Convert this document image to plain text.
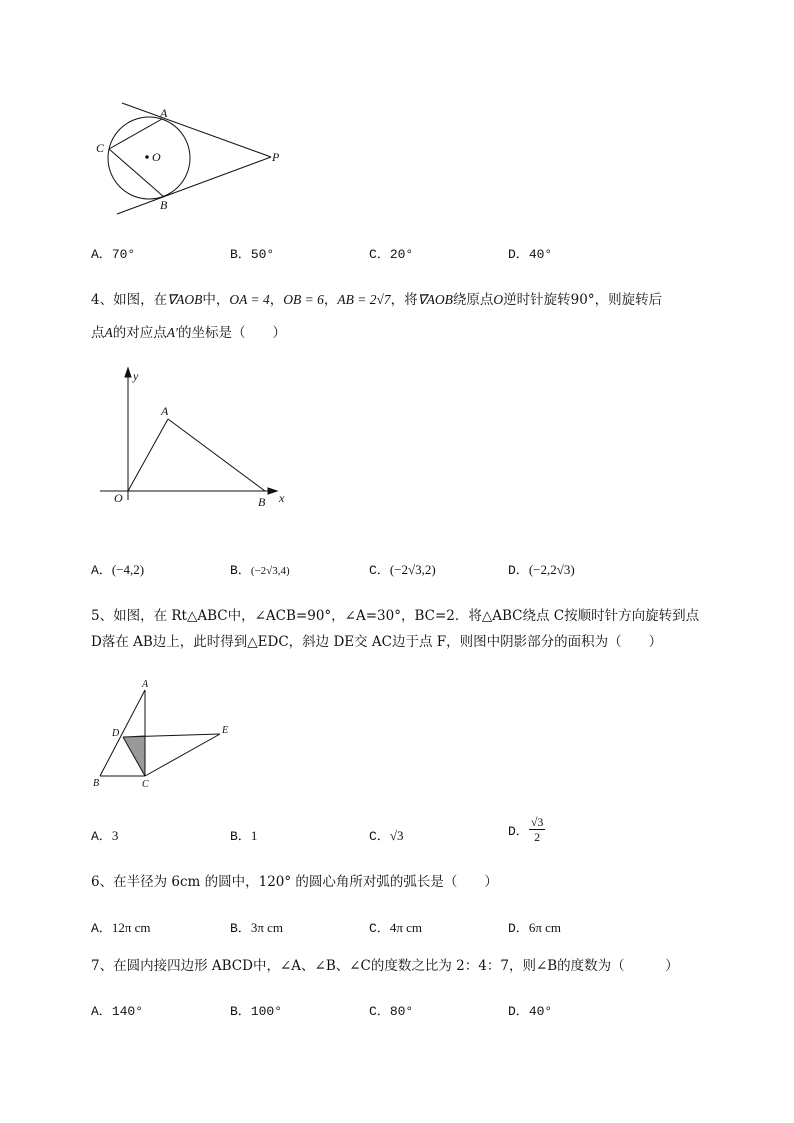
A
C
O	P
B
y
A
O	B x
A
D	E
B	C
A．70°	B．50°	C．20°	D．40°
4、如图，在∇AOB中，OA = 4，OB = 6，AB = 2√7，将∇AOB绕原点O逆时针旋转90°，则旋转后
点A的对应点A′的坐标是（　　）
A．(−4,2)	B．(−2√3,4)	C．(−2√3,2)	D．(−2,2√3)
5、如图，在 Rt△ABC中，∠ACB=90°，∠A=30°，BC=2．将△ABC绕点 C按顺时针方向旋转到点
D落在 AB边上，此时得到△EDC，斜边 DE交 AC边于点 F，则图中阴影部分的面积为（　　）
A．3	B．1	C．√3	D． $\frac{√3}{2}$
6、在半径为 6cm 的圆中，120° 的圆心角所对弧的弧长是（　　）
A．12π cm	B．3π cm	C．4π cm	D．6π cm
7、在圆内接四边形 ABCD中，∠A、∠B、∠C的度数之比为 2：4：7，则∠B的度数为（　　　）
A．140°	B．100°	C．80°	D．40°
